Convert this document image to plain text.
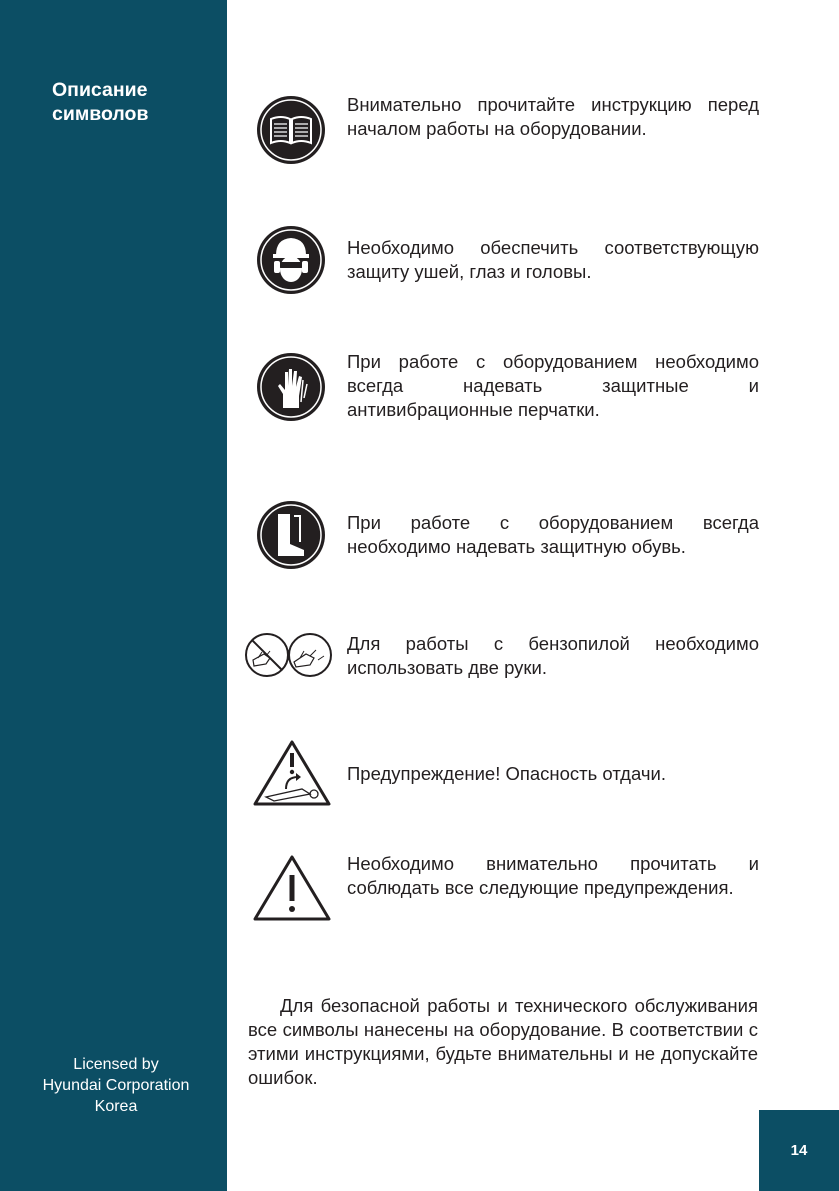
Описание
символов
Licensed by
Hyundai Corporation
Korea
Внимательно прочитайте инструкцию перед началом работы на оборудовании.
Необходимо обеспечить соответствующую защиту ушей, глаз и головы.
При работе с оборудованием необходимо всегда надевать защитные и антивибрационные перчатки.
При работе с оборудованием всегда необходимо надевать защитную обувь.
Для работы с бензопилой необходимо использовать две руки.
Предупреждение! Опасность отдачи.
Необходимо внимательно прочитать и соблюдать все следующие предупреждения.
Для безопасной работы и технического обслуживания все символы нанесены на оборудование. В соответствии с этими инструкциями, будьте внимательны и не допускайте ошибок.
14
